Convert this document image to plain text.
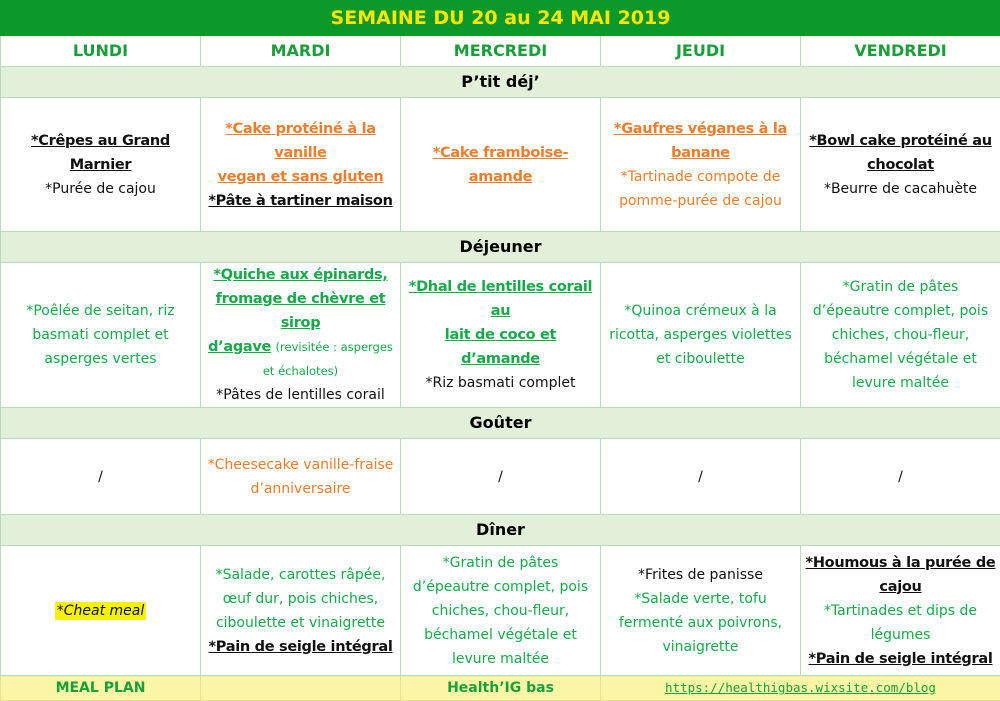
SEMAINE DU 20 au 24 MAI 2019				
LUNDI	MARDI	MERCREDI	JEUDI	VENDREDI
P’tit déj’				

*Crêpes au Grand Marnier
*Purée de cajou	*Cake protéiné à la vanille
vegan et sans gluten
*Pâte à tartiner maison	*Cake framboise-amande	*Gaufres véganes à la
banane
*Tartinade compote de
pomme-purée de cajou	*Bowl cake protéiné au
chocolat
*Beurre de cacahuète

Déjeuner				

*Poêlée de seitan, riz
basmati complet et
asperges vertes	*Quiche aux épinards,
fromage de chèvre et sirop
d’agave (revisitée : asperges
et échalotes)
*Pâtes de lentilles corail	*Dhal de lentilles corail au
lait de coco et d’amande
*Riz basmati complet	*Quinoa crémeux à la
ricotta, asperges violettes
et ciboulette	*Gratin de pâtes
d’épeautre complet, pois
chiches, chou-fleur,
béchamel végétale et
levure maltée

Goûter				
/	*Cheesecake vanille-fraise
d’anniversaire	/	/	/
Dîner				
*Cheat meal	*Salade, carottes râpée,
œuf dur, pois chiches,
ciboulette et vinaigrette
*Pain de seigle intégral	*Gratin de pâtes
d’épeautre complet, pois
chiches, chou-fleur,
béchamel végétale et
levure maltée	*Frites de panisse
*Salade verte, tofu
fermenté aux poivrons,
vinaigrette	*Houmous à la purée de
cajou
*Tartinades et dips de
légumes
*Pain de seigle intégral

MEAL PLAN		Health’IG bas	https://healthigbas.wixsite.com/blog	
